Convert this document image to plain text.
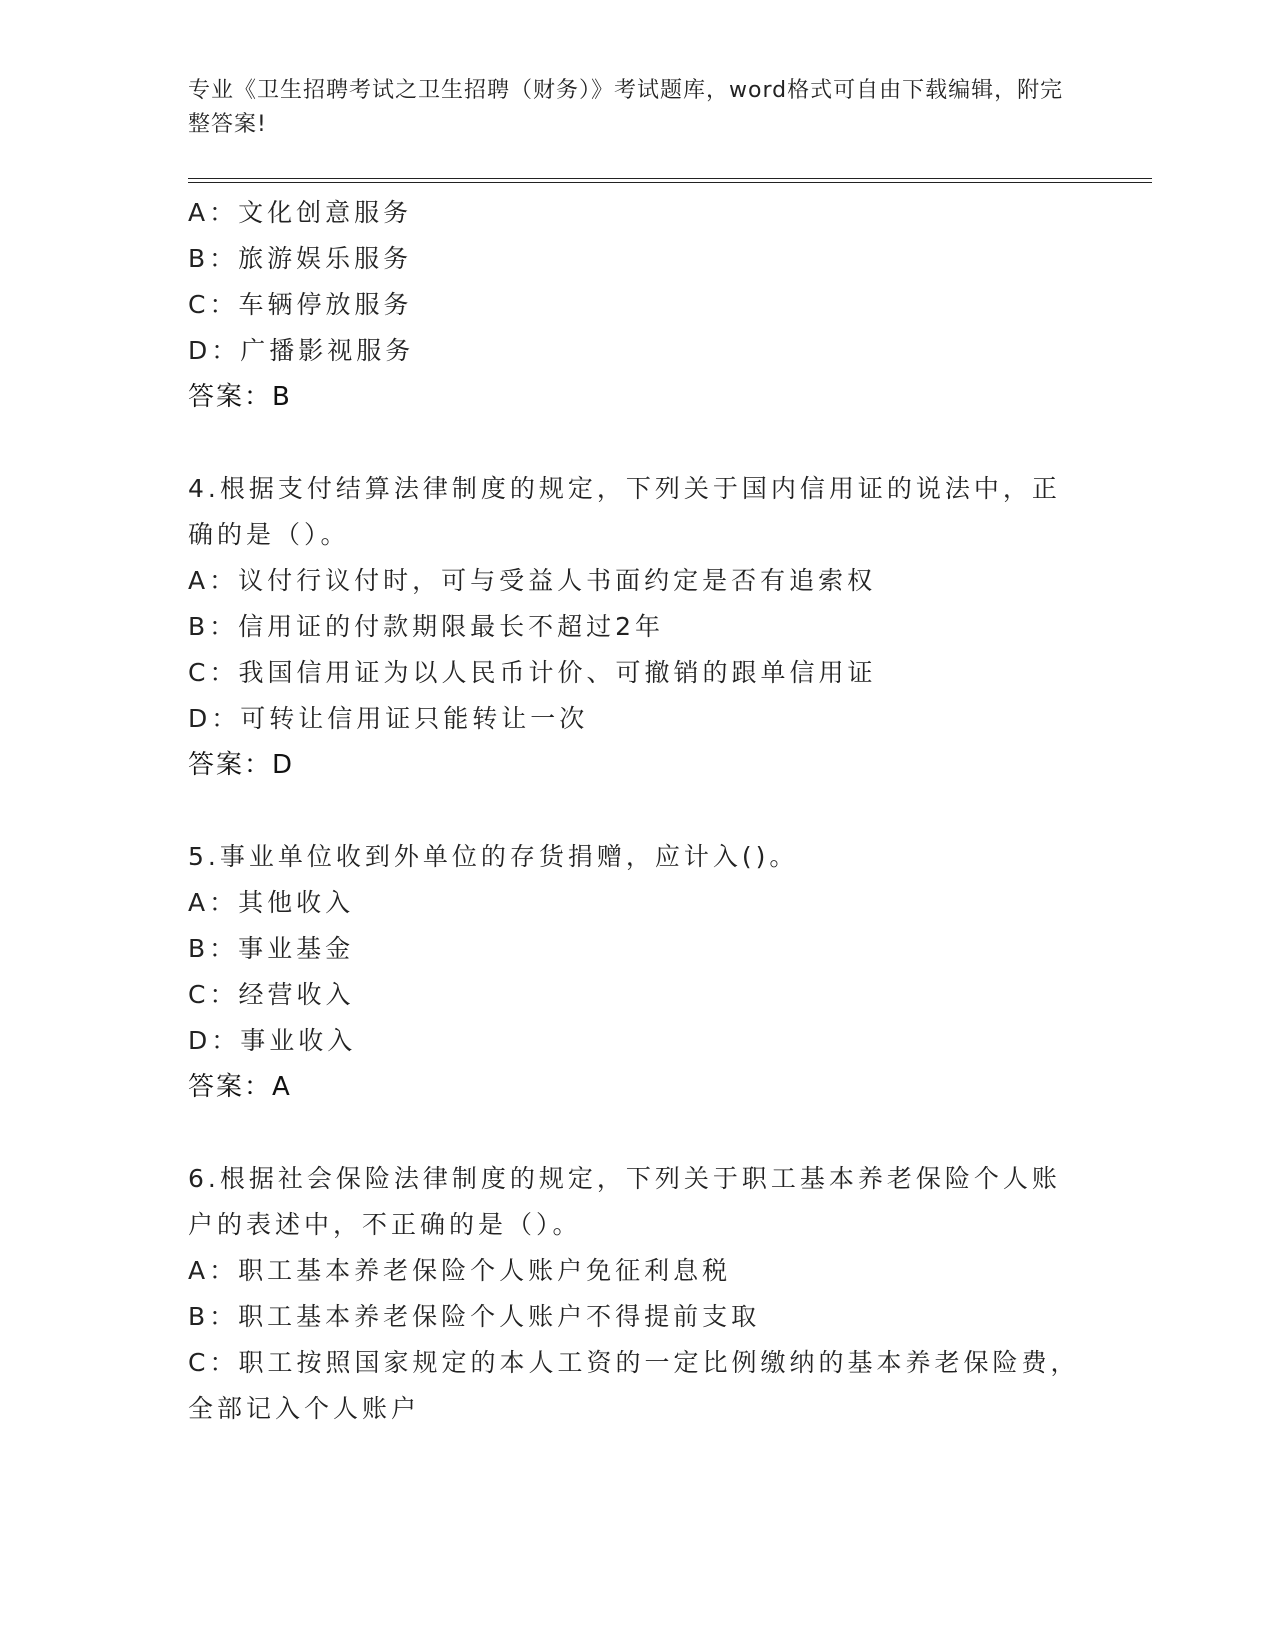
专业《卫生招聘考试之卫生招聘（财务）》考试题库，word格式可自由下载编辑，附完整答案!
A：文化创意服务
B：旅游娱乐服务
C：车辆停放服务
D：广播影视服务
答案：B
4.根据支付结算法律制度的规定，下列关于国内信用证的说法中，正
确的是（）。
A：议付行议付时，可与受益人书面约定是否有追索权
B：信用证的付款期限最长不超过2年
C：我国信用证为以人民币计价、可撤销的跟单信用证
D：可转让信用证只能转让一次
答案：D
5.事业单位收到外单位的存货捐赠，应计入()。
A：其他收入
B：事业基金
C：经营收入
D：事业收入
答案：A
6.根据社会保险法律制度的规定，下列关于职工基本养老保险个人账
户的表述中，不正确的是（）。
A：职工基本养老保险个人账户免征利息税
B：职工基本养老保险个人账户不得提前支取
C：职工按照国家规定的本人工资的一定比例缴纳的基本养老保险费，
全部记入个人账户
